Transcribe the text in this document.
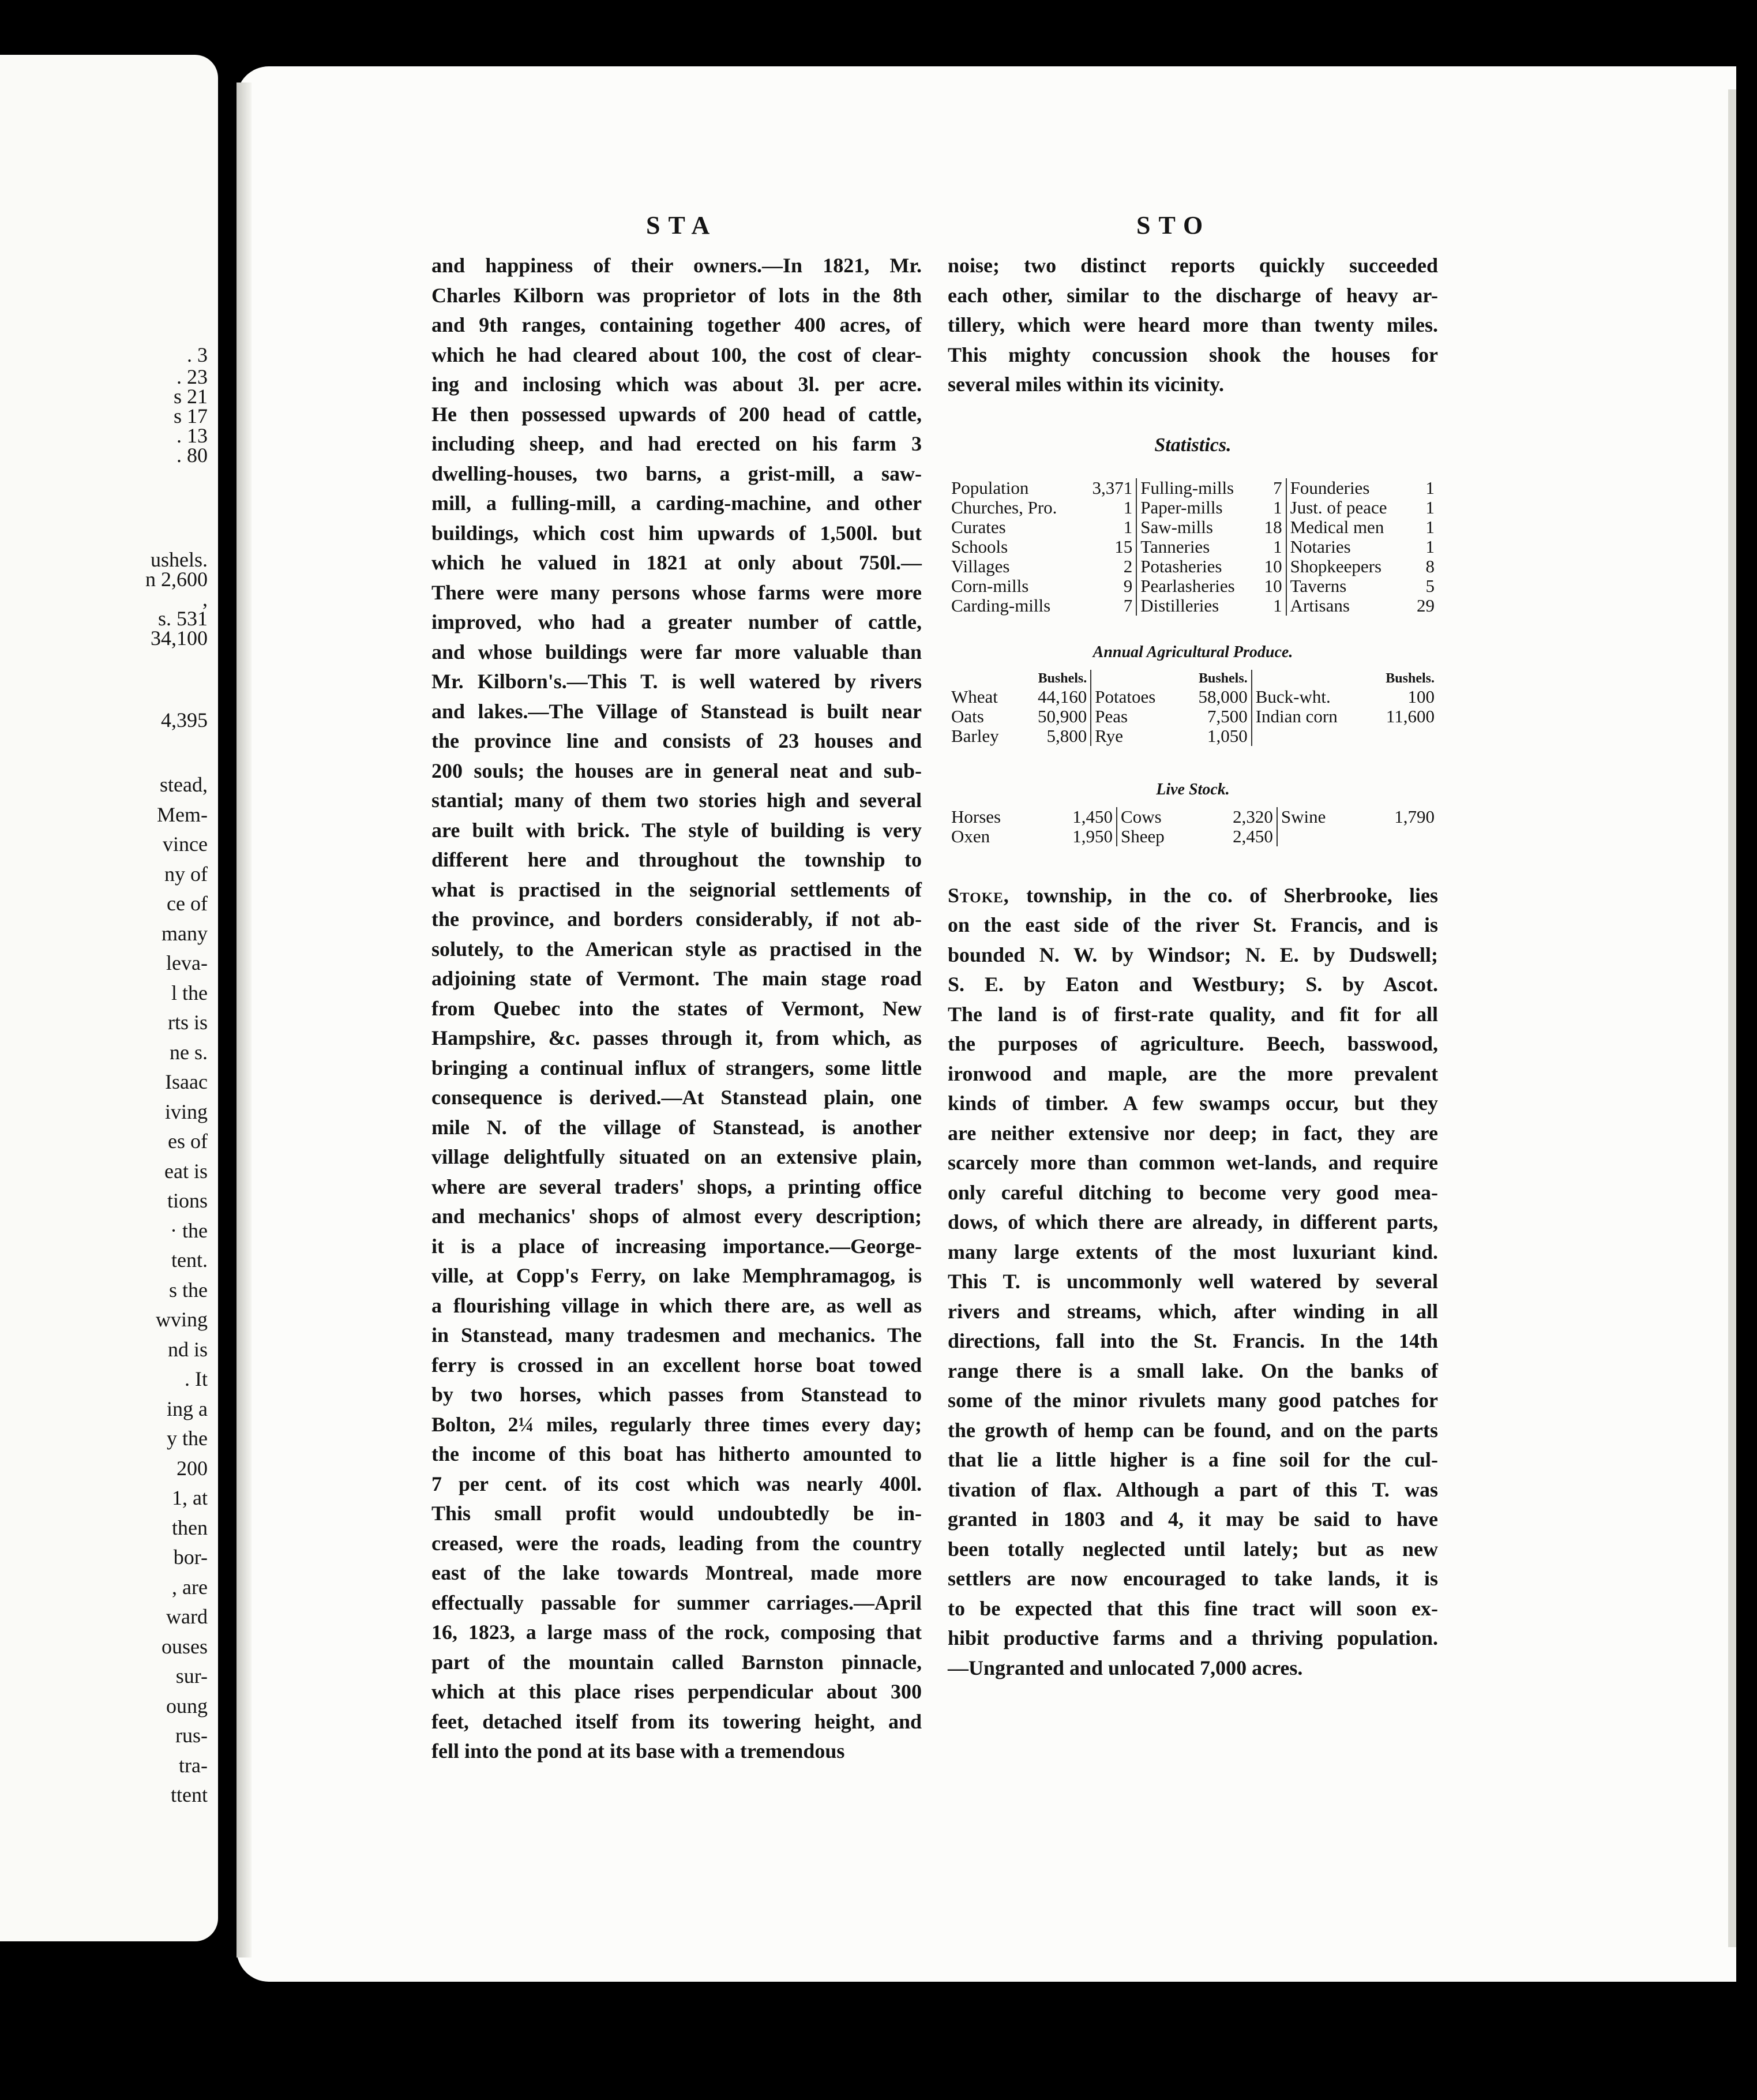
. 3
. 23
s 21
s 17
. 13
. 80
ushels.
n 2,600
,
s. 531
34,100
4,395
stead,
Mem-
vince
ny of
ce of
many
leva-
l the
rts is
ne s.
Isaac
iving
es of
eat is
tions
· the
tent.
s the
wving
nd is
. It
ing a
y the
200
1, at
then
bor-
, are
ward
ouses
sur-
oung
rus-
tra-
ttent
STA	STO

and happiness of their owners.—In 1821, Mr.

Charles Kilborn was proprietor of lots in the 8th

and 9th ranges, containing together 400 acres, of

which he had cleared about 100, the cost of clear-

ing and inclosing which was about 3l. per acre.

He then possessed upwards of 200 head of cattle,

including sheep, and had erected on his farm 3

dwelling-houses, two barns, a grist-mill, a saw-

mill, a fulling-mill, a carding-machine, and other

buildings, which cost him upwards of 1,500l. but

which he valued in 1821 at only about 750l.—

There were many persons whose farms were more

improved, who had a greater number of cattle,

and whose buildings were far more valuable than

Mr. Kilborn's.—This T. is well watered by rivers

and lakes.—The Village of Stanstead is built near

the province line and consists of 23 houses and

200 souls; the houses are in general neat and sub-

stantial; many of them two stories high and several

are built with brick. The style of building is very

different here and throughout the township to

what is practised in the seignorial settlements of

the province, and borders considerably, if not ab-

solutely, to the American style as practised in the

adjoining state of Vermont. The main stage road

from Quebec into the states of Vermont, New

Hampshire, &c. passes through it, from which, as

bringing a continual influx of strangers, some little

consequence is derived.—At Stanstead plain, one

mile N. of the village of Stanstead, is another

village delightfully situated on an extensive plain,

where are several traders' shops, a printing office

and mechanics' shops of almost every description;

it is a place of increasing importance.—George-

ville, at Copp's Ferry, on lake Memphramagog, is

a flourishing village in which there are, as well as

in Stanstead, many tradesmen and mechanics. The

ferry is crossed in an excellent horse boat towed

by two horses, which passes from Stanstead to

Bolton, 2¼ miles, regularly three times every day;

the income of this boat has hitherto amounted to

7 per cent. of its cost which was nearly 400l.

This small profit would undoubtedly be in-

creased, were the roads, leading from the country

east of the lake towards Montreal, made more

effectually passable for summer carriages.—April

16, 1823, a large mass of the rock, composing that

part of the mountain called Barnston pinnacle,

which at this place rises perpendicular about 300

feet, detached itself from its towering height, and

fell into the pond at its base with a tremendous

noise; two distinct reports quickly succeeded

each other, similar to the discharge of heavy ar-

tillery, which were heard more than twenty miles.

This mighty concussion shook the houses for

several miles within its vicinity.

Statistics.
Population	3,371	Fulling-mills	7	Founderies	1
Churches, Pro.	1	Paper-mills	1	Just. of peace	1
Curates	1	Saw-mills	18	Medical men	1
Schools	15	Tanneries	1	Notaries	1
Villages	2	Potasheries	10	Shopkeepers	8
Corn-mills	9	Pearlasheries	10	Taverns	5
Carding-mills	7	Distilleries	1	Artisans	29
Annual Agricultural Produce.
Bushels.		Bushels.		Bushels.	
Wheat	44,160	Potatoes	58,000	Buck-wht.	100
Oats	50,900	Peas	7,500	Indian corn	11,600
Barley	5,800	Rye	1,050		
Live Stock.
Horses	1,450	Cows	2,320	Swine	1,790
Oxen	1,950	Sheep	2,450		

Stoke, township, in the co. of Sherbrooke, lies

on the east side of the river St. Francis, and is

bounded N. W. by Windsor; N. E. by Dudswell;

S. E. by Eaton and Westbury; S. by Ascot.

The land is of first-rate quality, and fit for all

the purposes of agriculture. Beech, basswood,

ironwood and maple, are the more prevalent

kinds of timber. A few swamps occur, but they

are neither extensive nor deep; in fact, they are

scarcely more than common wet-lands, and require

only careful ditching to become very good mea-

dows, of which there are already, in different parts,

many large extents of the most luxuriant kind.

This T. is uncommonly well watered by several

rivers and streams, which, after winding in all

directions, fall into the St. Francis. In the 14th

range there is a small lake. On the banks of

some of the minor rivulets many good patches for

the growth of hemp can be found, and on the parts

that lie a little higher is a fine soil for the cul-

tivation of flax. Although a part of this T. was

granted in 1803 and 4, it may be said to have

been totally neglected until lately; but as new

settlers are now encouraged to take lands, it is

to be expected that this fine tract will soon ex-

hibit productive farms and a thriving population.

—Ungranted and unlocated 7,000 acres.
